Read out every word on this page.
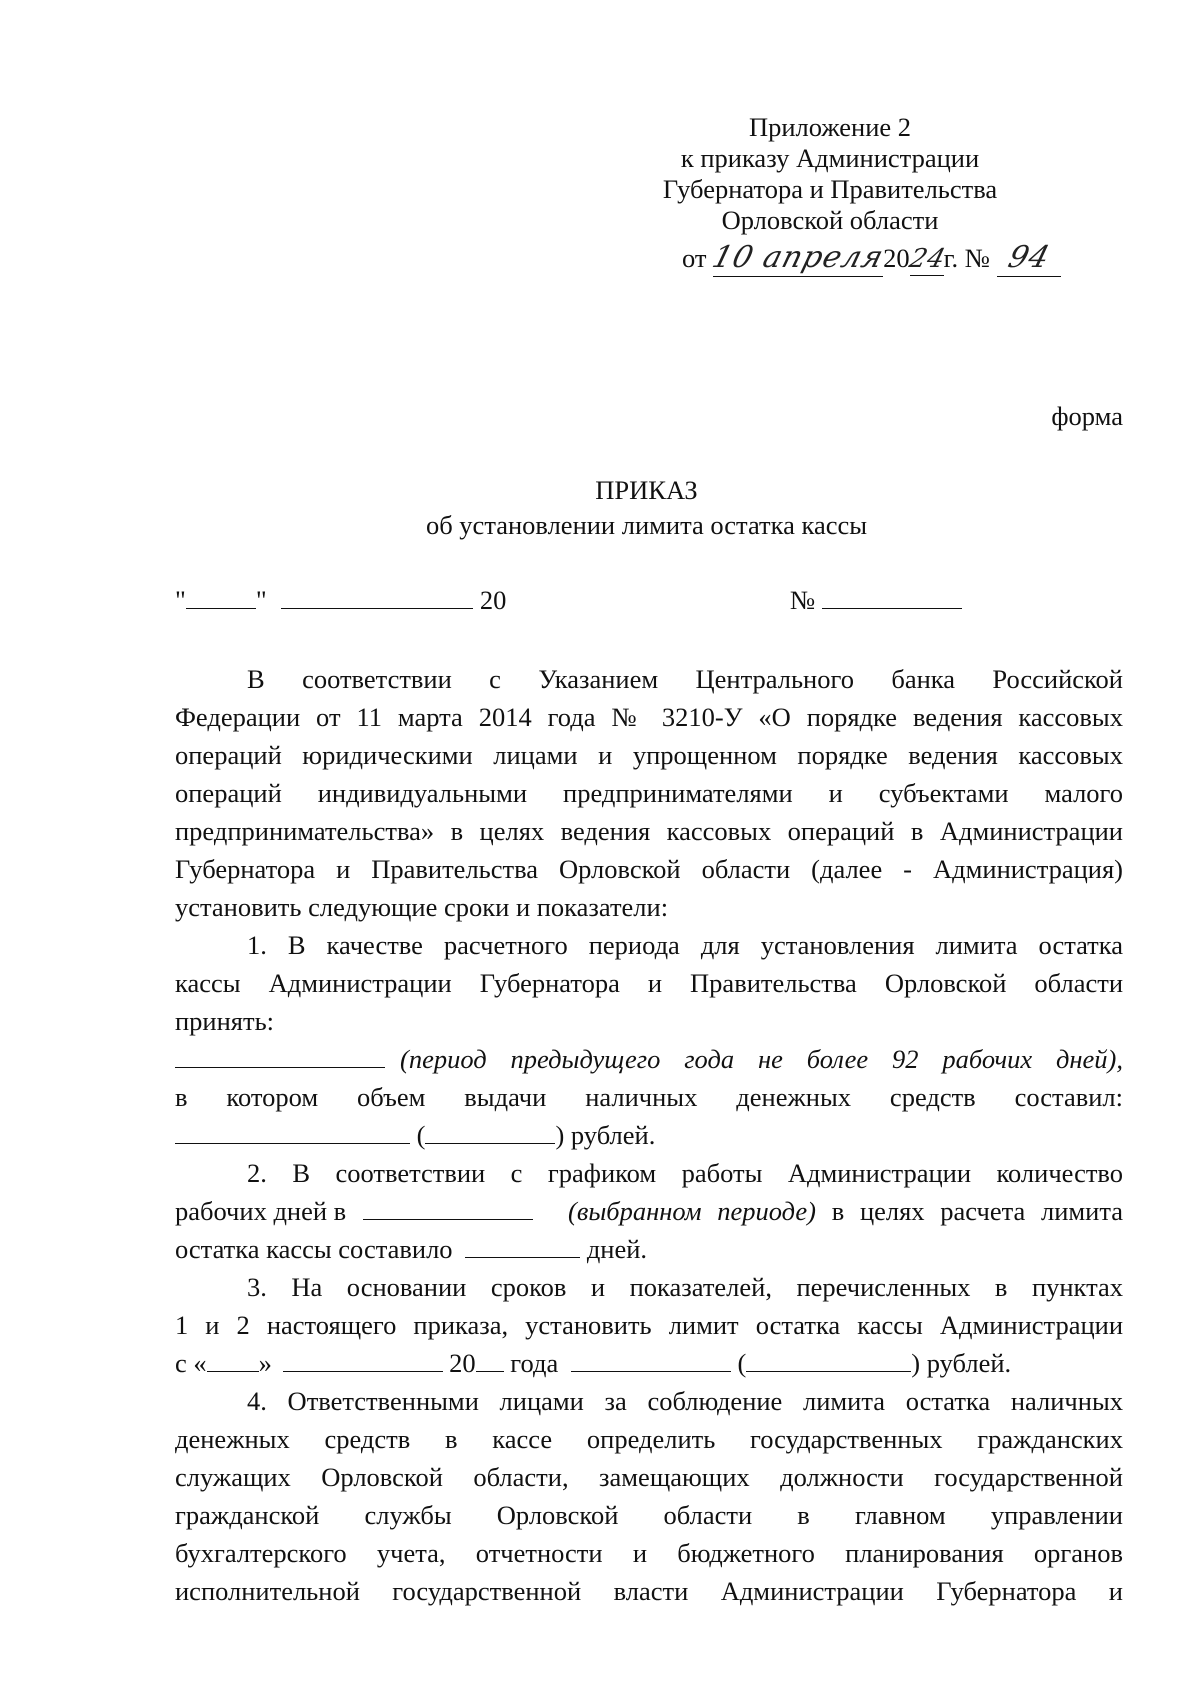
Приложение 2
к приказу Администрации
Губернатора и Правительства
Орловской области
от 10 апреля2024г. № 94
форма
ПРИКАЗ
об установлении лимита остатка кассы
"	"	20	№
В соответствии с Указанием Центрального банка Российской
Федерации от 11 марта 2014 года № 3210-У «О порядке ведения кассовых
операций юридическими лицами и упрощенном порядке ведения кассовых
операций индивидуальными предпринимателями и субъектами малого
предпринимательства» в целях ведения кассовых операций в Администрации
Губернатора и Правительства Орловской области (далее - Администрация)
установить следующие сроки и показатели:
1. В качестве расчетного периода для установления лимита остатка
кассы Администрации Губернатора и Правительства Орловской области
принять:
(период предыдущего года не более 92 рабочих дней),
в котором объем выдачи наличных денежных средств составил:
(	) рублей.
2. В соответствии с графиком работы Администрации количество
рабочих дней в	(выбранном периоде) в целях расчета лимита
остатка кассы составило	дней.
3. На основании сроков и показателей, перечисленных в пунктах
1 и 2 настоящего приказа, установить лимит остатка кассы Администрации
с « »	20 года	(	) рублей.
4. Ответственными лицами за соблюдение лимита остатка наличных
денежных средств в кассе определить государственных гражданских
служащих Орловской области, замещающих должности государственной
гражданской службы Орловской области в главном управлении
бухгалтерского учета, отчетности и бюджетного планирования органов
исполнительной государственной власти Администрации Губернатора и
